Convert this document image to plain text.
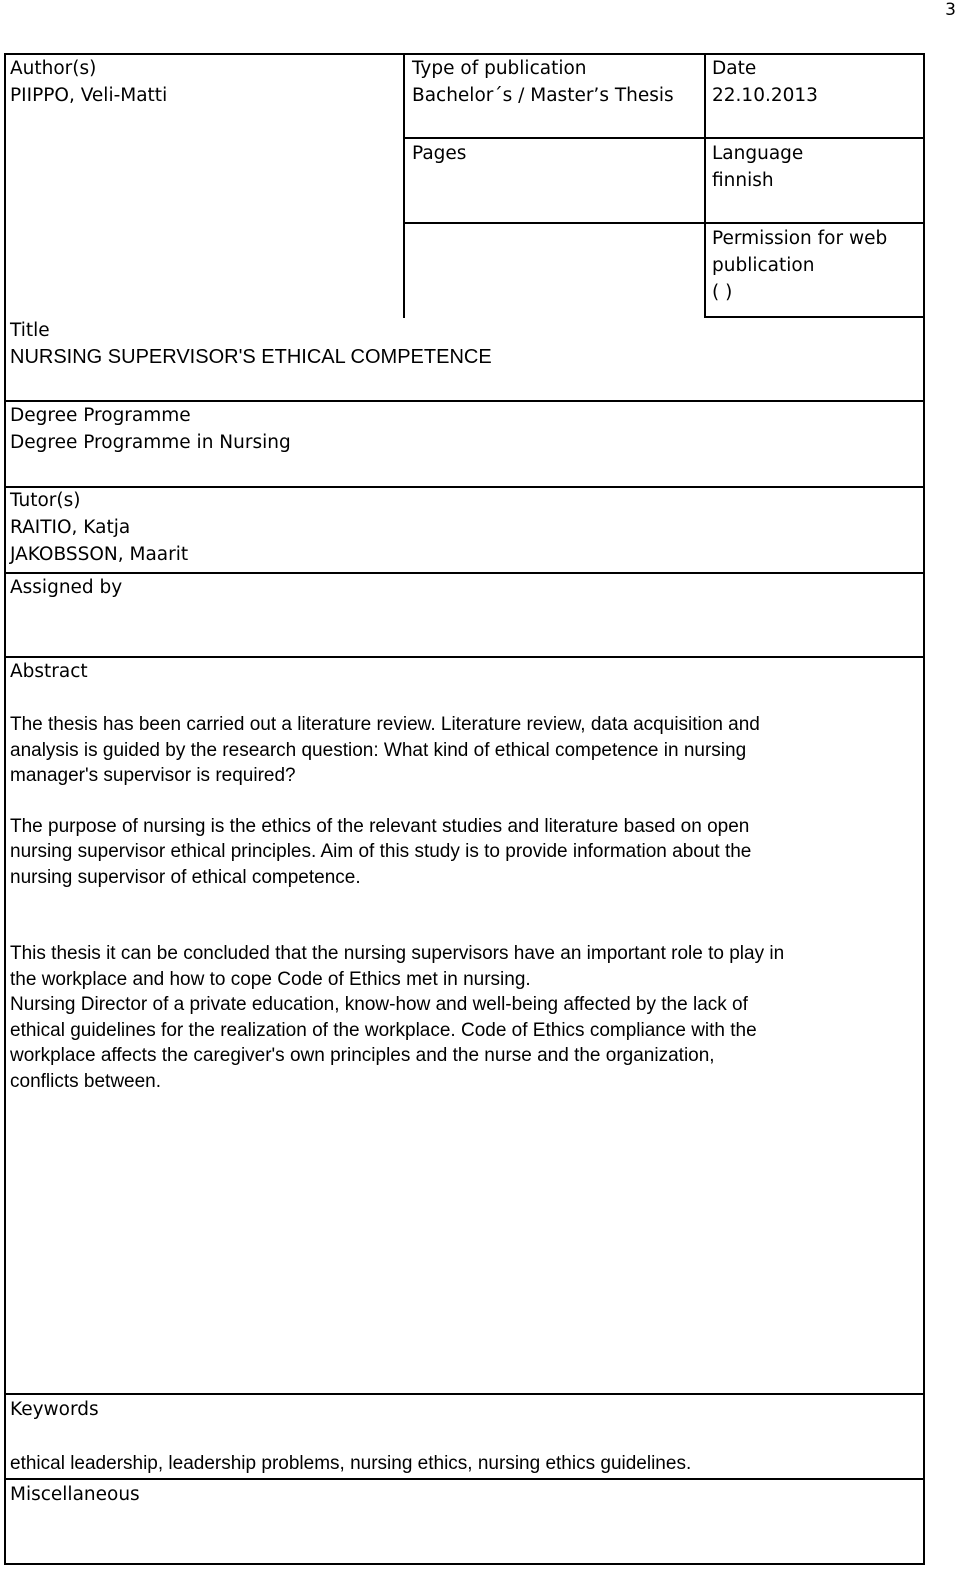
3
Author(s)
PIIPPO, Veli-Matti
Type of publication
Bachelor´s / Master’s Thesis
Date
22.10.2013
Pages	Language
finnish
Permission for web
publication
( )
Title
NURSING SUPERVISOR'S ETHICAL COMPETENCE
Degree Programme
Degree Programme in Nursing
Tutor(s)
RAITIO, Katja
JAKOBSSON, Maarit
Assigned by
Abstract

The thesis has been carried out a literature review. Literature review, data acquisition and
analysis is guided by the research question: What kind of ethical competence in nursing
manager's supervisor is required?

The purpose of nursing is the ethics of the relevant studies and literature based on open
nursing supervisor ethical principles. Aim of this study is to provide information about the
nursing supervisor of ethical competence.

This thesis it can be concluded that the nursing supervisors have an important role to play in
the workplace and how to cope Code of Ethics met in nursing.
Nursing Director of a private education, know-how and well-being affected by the lack of
ethical guidelines for the realization of the workplace. Code of Ethics compliance with the
workplace affects the caregiver's own principles and the nurse and the organization,
conflicts between.

Keywords
ethical leadership, leadership problems, nursing ethics, nursing ethics guidelines.
Miscellaneous
